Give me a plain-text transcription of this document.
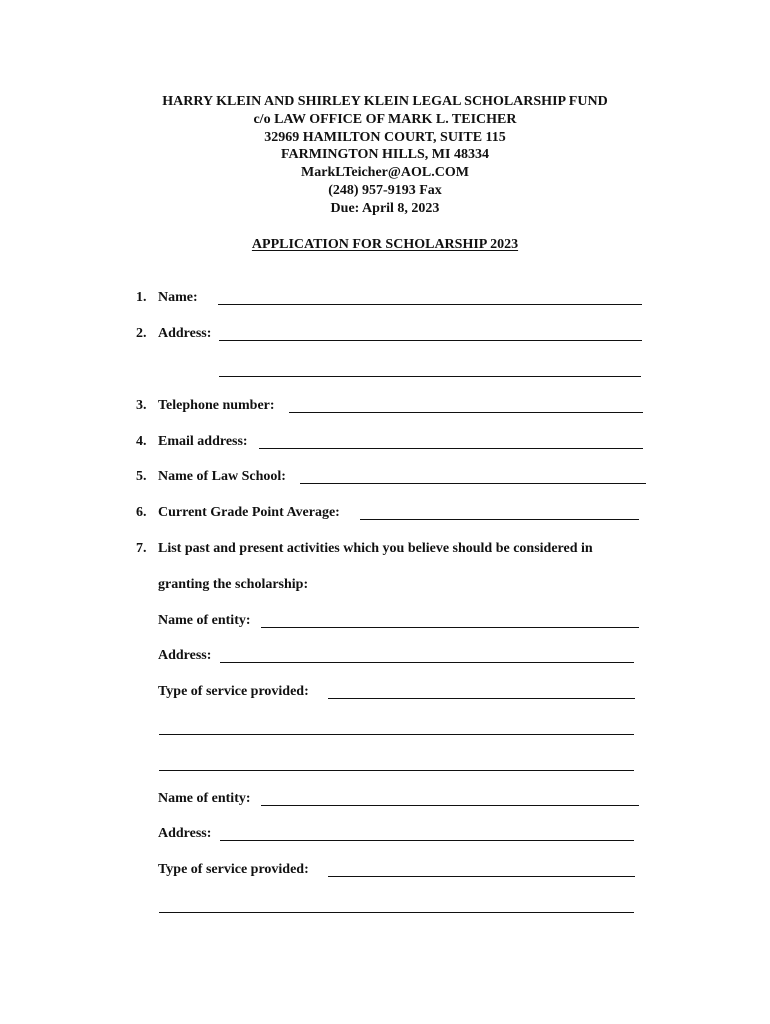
HARRY KLEIN AND SHIRLEY KLEIN LEGAL SCHOLARSHIP FUND
c/o LAW OFFICE OF MARK L. TEICHER
32969 HAMILTON COURT, SUITE 115
FARMINGTON HILLS, MI 48334
MarkLTeicher@AOL.COM
(248) 957-9193 Fax
Due: April 8, 2023
APPLICATION FOR SCHOLARSHIP 2023
1. Name:
2. Address:
3. Telephone number:
4. Email address:
5. Name of Law School:
6. Current Grade Point Average:
7. List past and present activities which you believe should be considered in
granting the scholarship:
Name of entity:
Address:
Type of service provided:
Name of entity:
Address:
Type of service provided:
